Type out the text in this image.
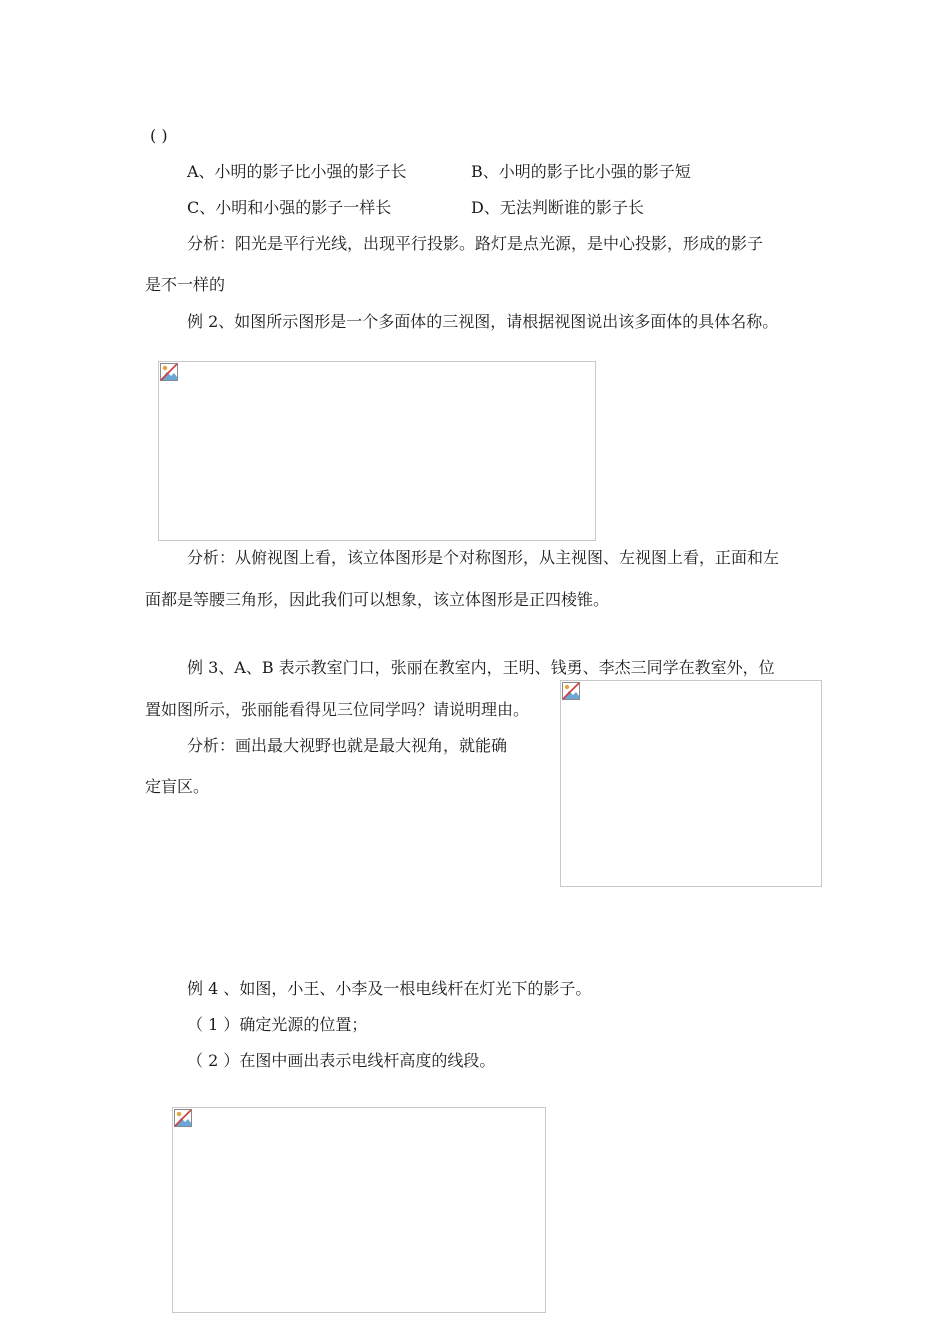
( )
A、小明的影子比小强的影子长	B、小明的影子比小强的影子短
C、小明和小强的影子一样长	D、无法判断谁的影子长
分析：阳光是平行光线，出现平行投影。路灯是点光源，是中心投影，形成的影子
是不一样的
例 2、如图所示图形是一个多面体的三视图，请根据视图说出该多面体的具体名称。
分析：从俯视图上看，该立体图形是个对称图形，从主视图、左视图上看，正面和左
面都是等腰三角形，因此我们可以想象，该立体图形是正四棱锥。
例 3、A、B 表示教室门口，张丽在教室内，王明、钱勇、李杰三同学在教室外，位
置如图所示，张丽能看得见三位同学吗？请说明理由。
分析：画出最大视野也就是最大视角，就能确
定盲区。
例 4 、如图，小王、小李及一根电线杆在灯光下的影子。
（ 1 ）确定光源的位置；
（ 2 ）在图中画出表示电线杆高度的线段。
